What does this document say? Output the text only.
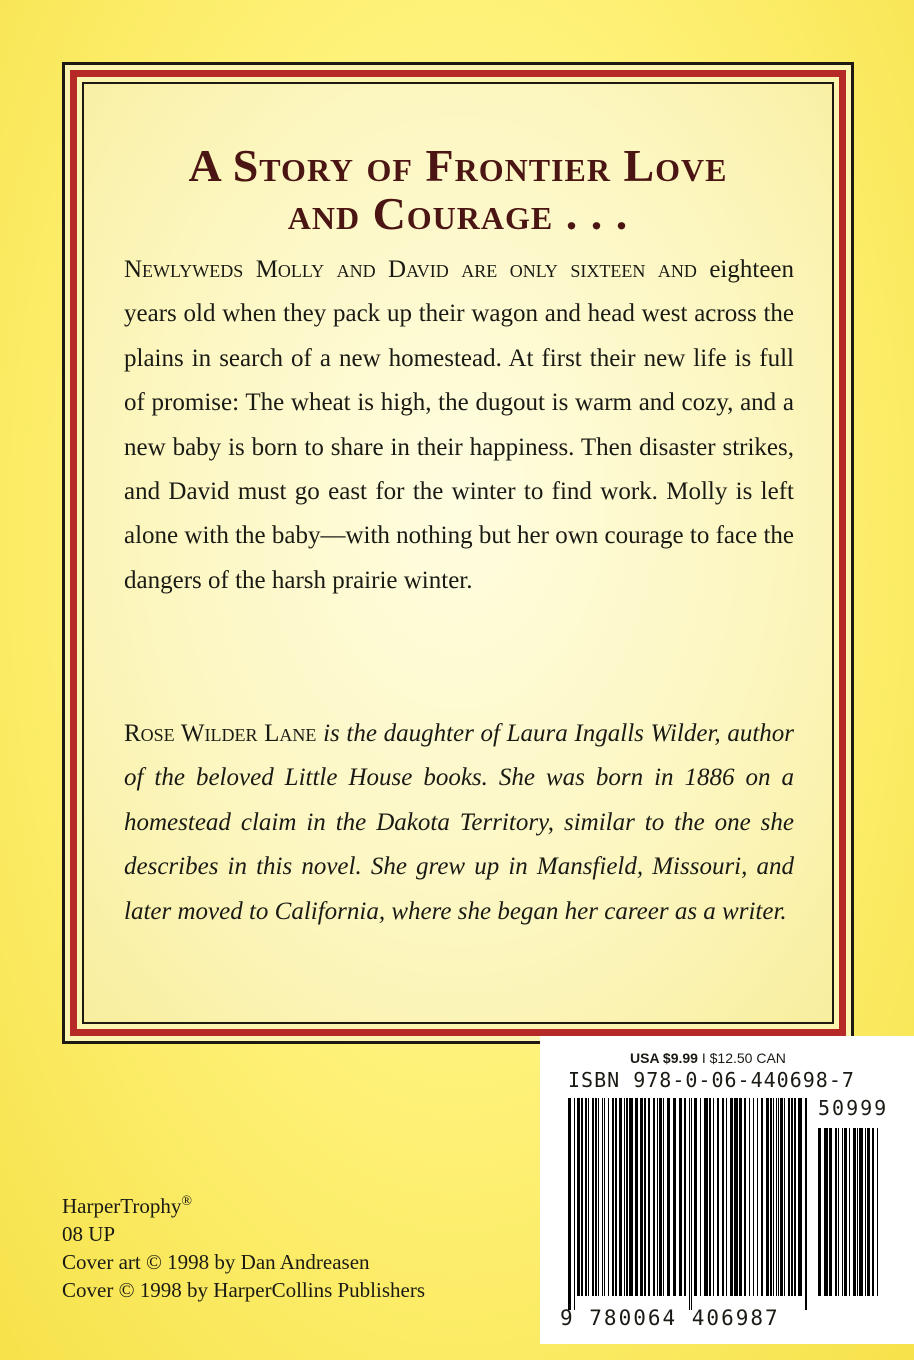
A Story of Frontier Love
and Courage . . .

Newlyweds Molly and David are only sixteen and eighteen years old when they pack up their wagon and head west across the plains in search of a new homestead. At first their new life is full of promise: The wheat is high, the dugout is warm and cozy, and a new baby is born to share in their happiness. Then disaster strikes, and David must go east for the winter to find work. Molly is left alone with the baby—with nothing but her own courage to face the dangers of the harsh prairie winter.

Rose Wilder Lane is the daughter of Laura Ingalls Wilder, author of the beloved Little House books. She was born in 1886 on a homestead claim in the Dakota Territory, similar to the one she describes in this novel. She grew up in Mansfield, Missouri, and later moved to California, where she began her career as a writer.

HarperTrophy®
08 UP
Cover art © 1998 by Dan Andreasen
Cover © 1998 by HarperCollins Publishers
USA $9.99 I $12.50 CAN
ISBN 978-0-06-440698-7
50999
9 780064 406987
